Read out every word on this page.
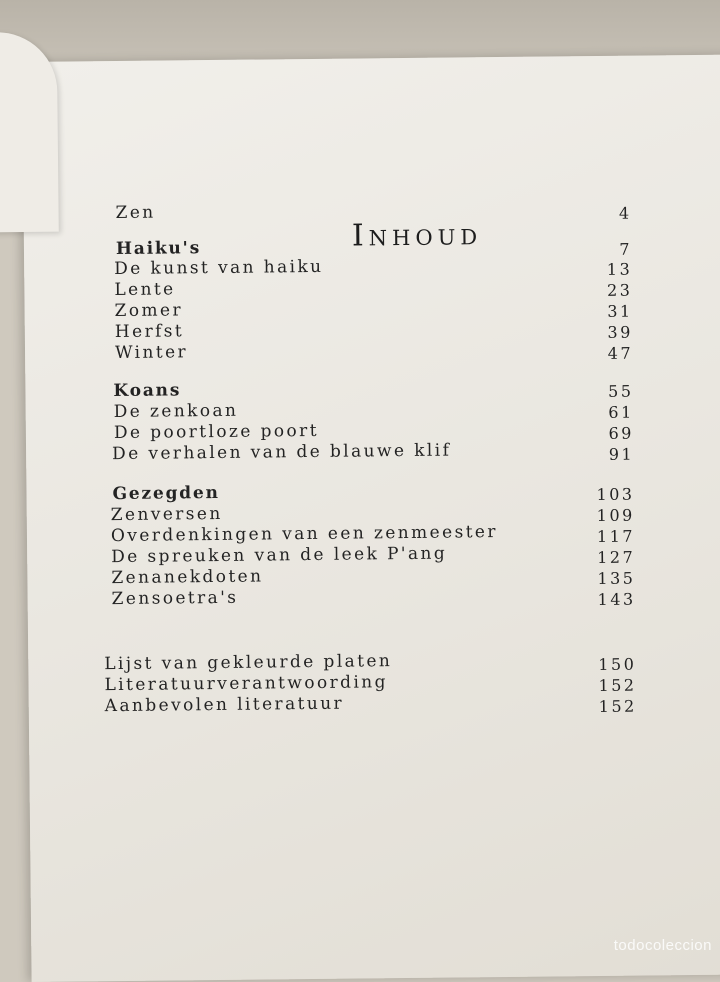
Inhoud
Zen	4
Haiku's	7
De kunst van haiku	13
Lente	23
Zomer	31
Herfst	39
Winter	47
Koans	55
De zenkoan	61
De poortloze poort	69
De verhalen van de blauwe klif	91
Gezegden	103
Zenversen	109
Overdenkingen van een zenmeester	117
De spreuken van de leek P'ang	127
Zenanekdoten	135
Zensoetra's	143
Lijst van gekleurde platen	150
Literatuurverantwoording	152
Aanbevolen literatuur	152
todocoleccion
